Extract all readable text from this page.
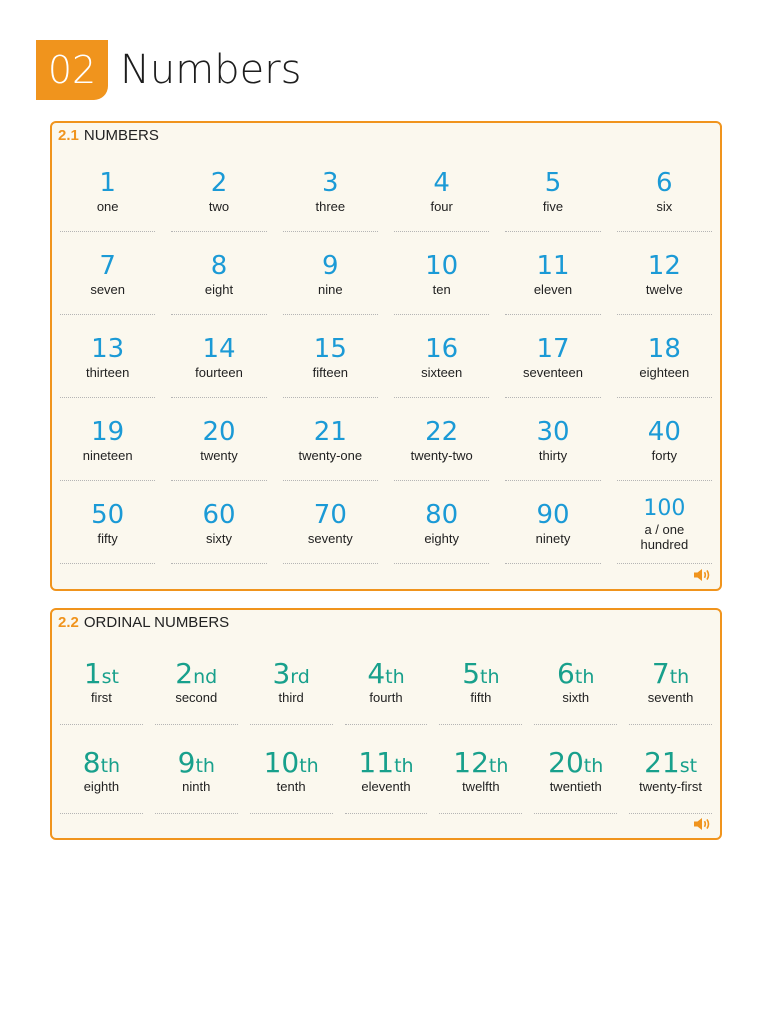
02 Numbers
2.1 NUMBERS
1
one
2
two
3
three
4
four
5
five
6
six
7
seven
8
eight
9
nine
10
ten
11
eleven
12
twelve
13
thirteen
14
fourteen
15
fifteen
16
sixteen
17
seventeen
18
eighteen
19
nineteen
20
twenty
21
twenty-one
22
twenty-two
30
thirty
40
forty
50
fifty
60
sixty
70
seventy
80
eighty
90
ninety
100
a / one hundred
2.2 ORDINAL NUMBERS
1st
first
2nd
second
3rd
third
4th
fourth
5th
fifth
6th
sixth
7th
seventh
8th
eighth
9th
ninth
10th
tenth
11th
eleventh
12th
twelfth
20th
twentieth
21st
twenty-first
